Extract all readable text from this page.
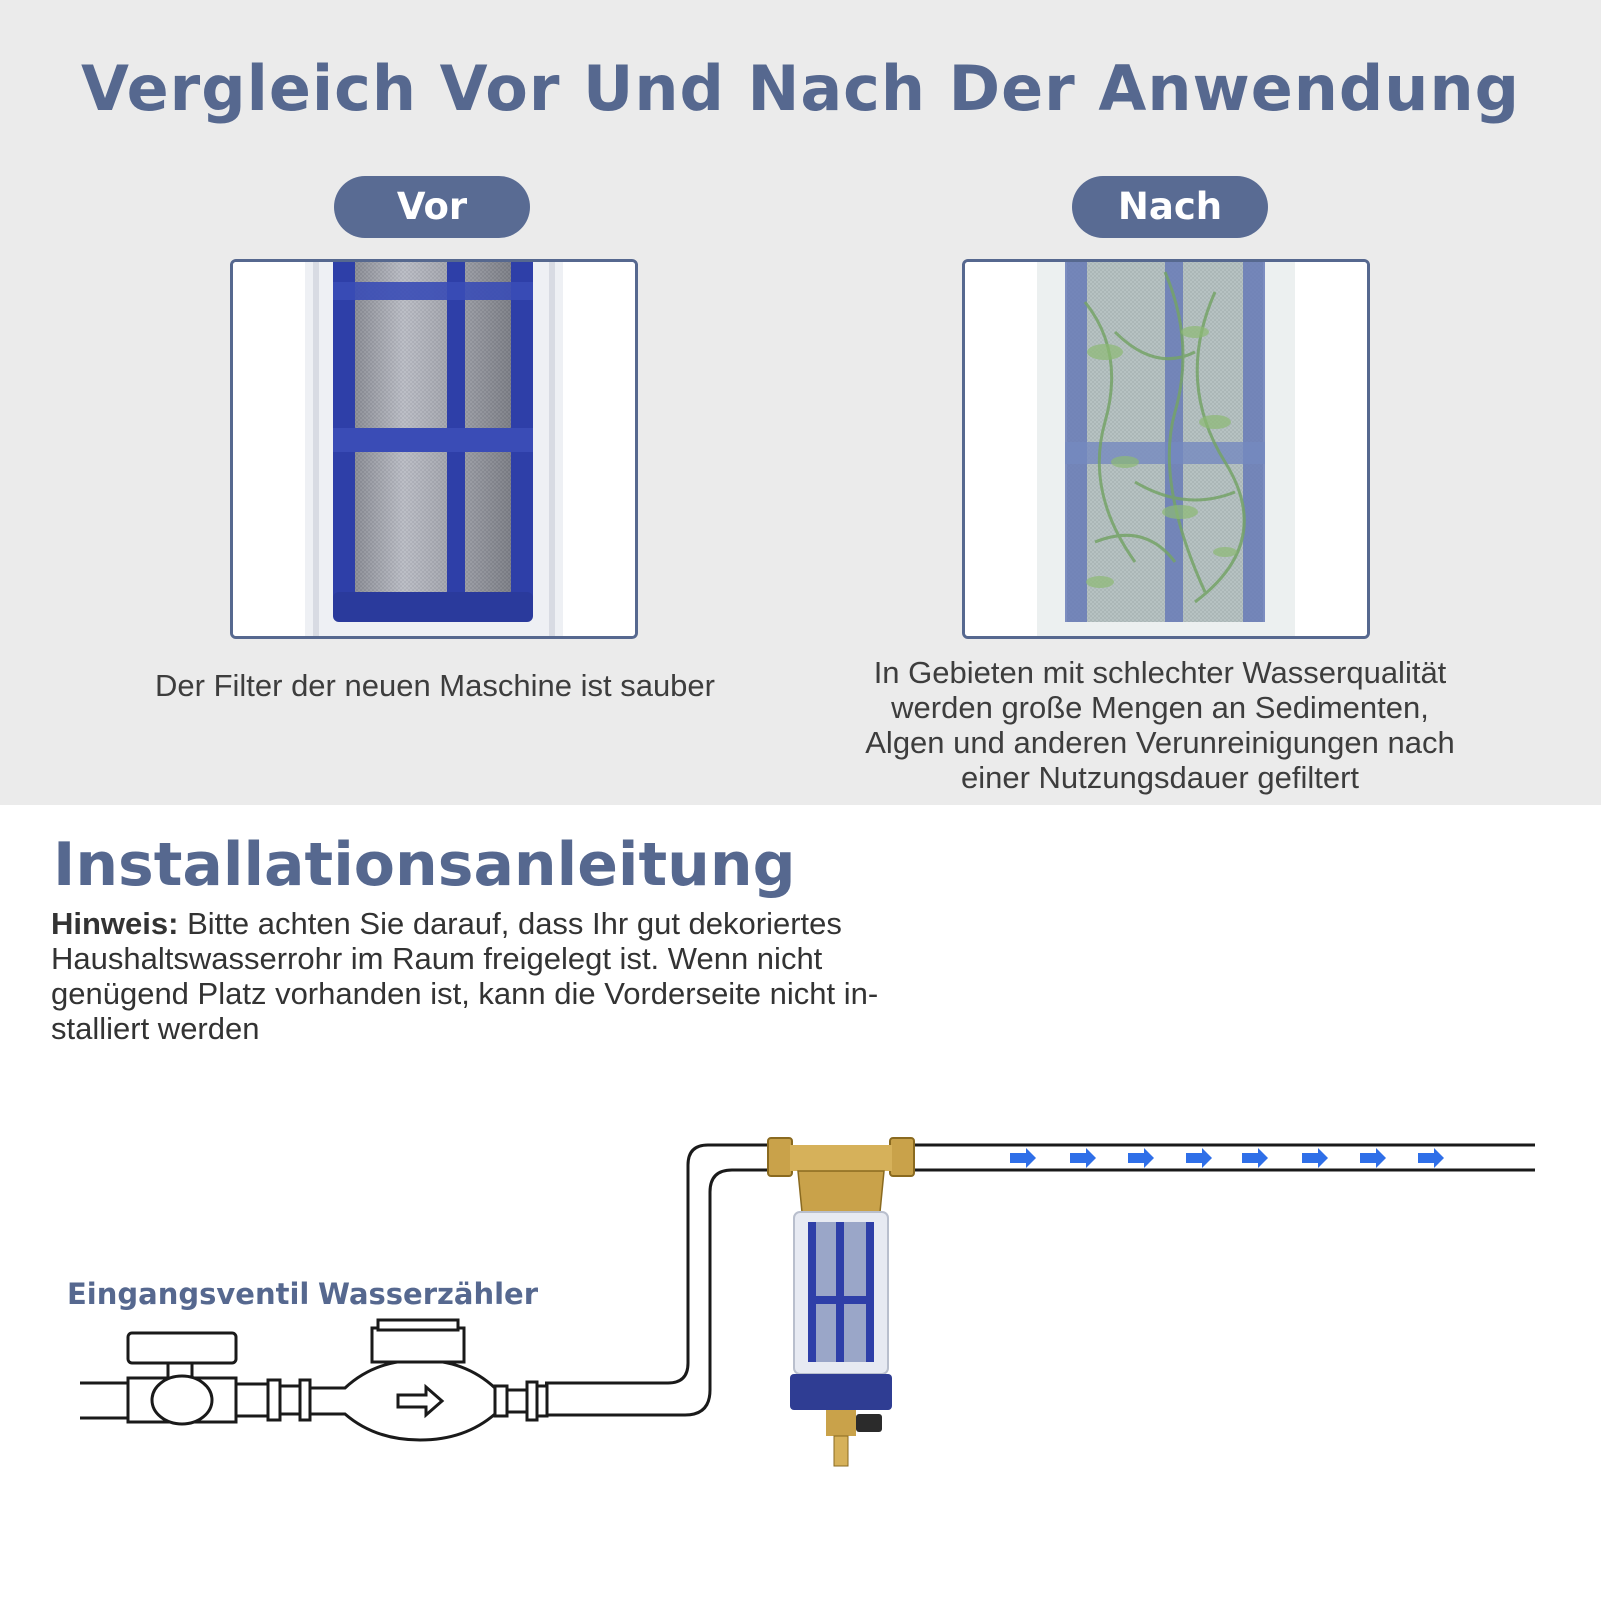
Vergleich Vor Und Nach Der Anwendung
Vor	Nach
Der Filter der neuen Maschine ist sauber	In Gebieten mit schlechter Wasserqualität
werden große Mengen an Sedimenten,
Algen und anderen Verunreinigungen nach
einer Nutzungsdauer gefiltert
Installationsanleitung
Hinweis: Bitte achten Sie darauf, dass Ihr gut dekoriertes
Haushaltswasserrohr im Raum freigelegt ist. Wenn nicht
genügend Platz vorhanden ist, kann die Vorderseite nicht in-
stalliert werden
Eingangsventil Wasserzähler
